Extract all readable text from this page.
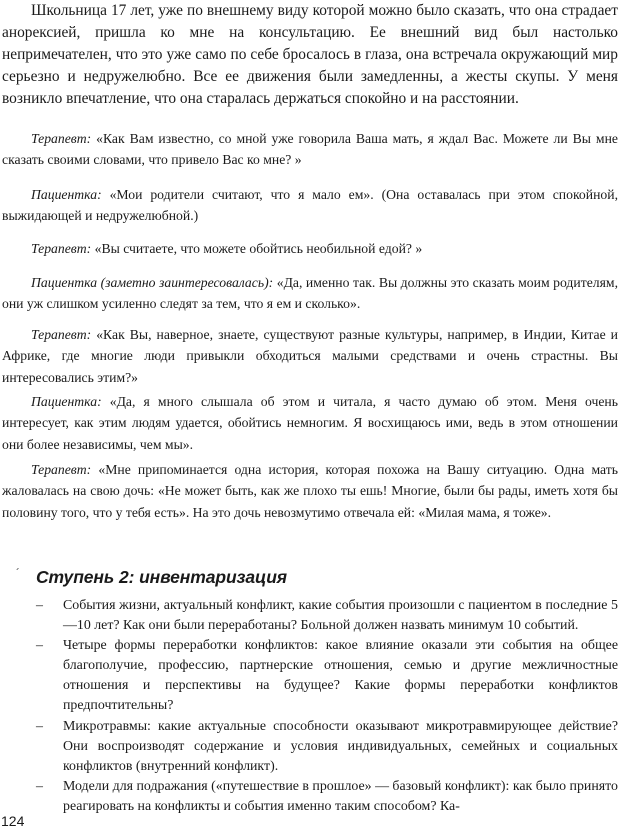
Школьница 17 лет, уже по внешнему виду которой можно было сказать, что она страдает анорексией, пришла ко мне на консультацию. Ее внешний вид был настолько непримечателен, что это уже само по себе бросалось в глаза, она встречала окружающий мир серьезно и недружелюбно. Все ее движения были замедленны, а жесты скупы. У меня возникло впечатление, что она старалась держаться спокойно и на расстоянии.

Терапевт: «Как Вам известно, со мной уже говорила Ваша мать, я ждал Вас. Можете ли Вы мне сказать своими словами, что привело Вас ко мне? »

Пациентка: «Мои родители считают, что я мало ем». (Она оставалась при этом спокойной, выжидающей и недружелюбной.)

Терапевт: «Вы считаете, что можете обойтись необильной едой? »

Пациентка (заметно заинтересовалась): «Да, именно так. Вы должны это сказать моим родителям, они уж слишком усиленно следят за тем, что я ем и сколько».

Терапевт: «Как Вы, наверное, знаете, существуют разные культуры, например, в Индии, Китае и Африке, где многие люди привыкли обходиться малыми средствами и очень страстны. Вы интересовались этим?»

Пациентка: «Да, я много слышала об этом и читала, я часто думаю об этом. Меня очень интересует, как этим людям удается, обойтись немногим. Я восхищаюсь ими, ведь в этом отношении они более независимы, чем мы».

Терапевт: «Мне припоминается одна история, которая похожа на Вашу ситуацию. Одна мать жаловалась на свою дочь: «Не может быть, как же плохо ты ешь! Многие, были бы рады, иметь хотя бы половину того, что у тебя есть». На это дочь невозмутимо отвечала ей: «Милая мама, я тоже».

´ Ступень 2: инвентаризация
– События жизни, актуальный конфликт, какие события произошли с пациентом в последние 5—10 лет? Как они были переработаны? Больной должен назвать минимум 10 событий.
– Четыре формы переработки конфликтов: какое влияние оказали эти события на общее благополучие, профессию, партнерские отношения, семью и другие межличностные отношения и перспективы на будущее? Какие формы переработки конфликтов предпочтительны?
– Микротравмы: какие актуальные способности оказывают микротравмирующее действие? Они воспроизводят содержание и условия индивидуальных, семейных и социальных конфликтов (внутренний конфликт).
– Модели для подражания («путешествие в прошлое» — базовый конфликт): как было принято реагировать на конфликты и события именно таким способом? Ка-
124
